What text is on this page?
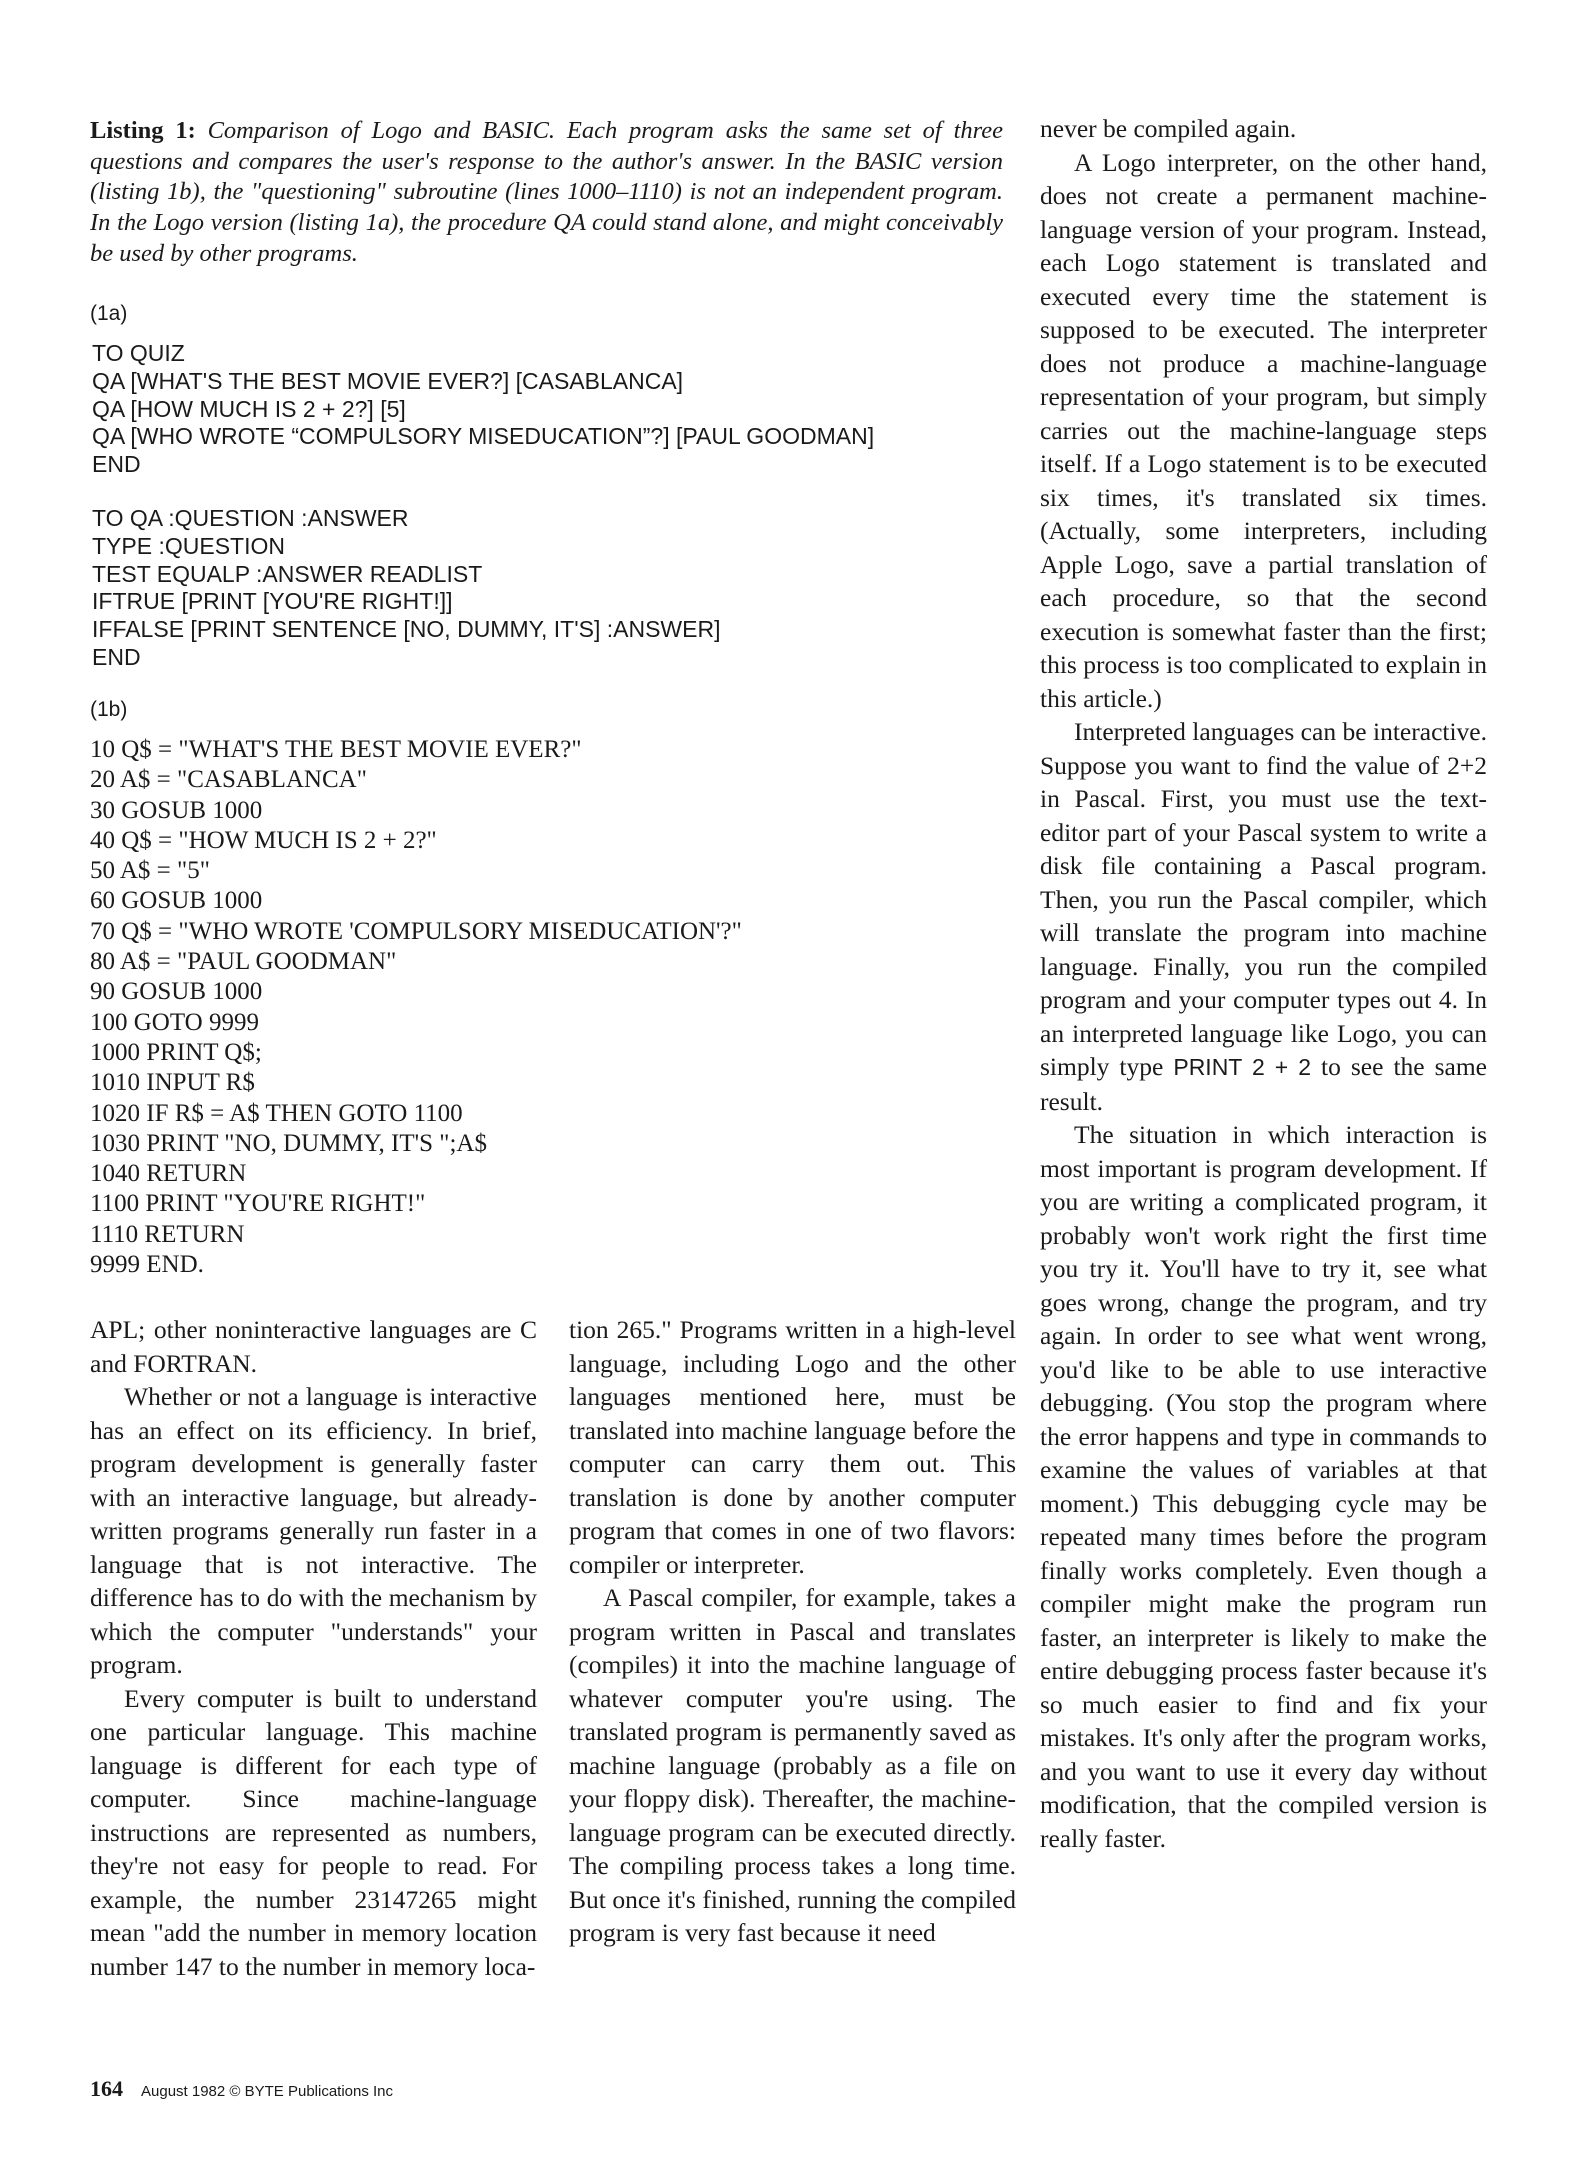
Listing 1: Comparison of Logo and BASIC. Each program asks the same set of three questions and compares the user's response to the author's answer. In the BASIC version (listing 1b), the "questioning" subroutine (lines 1000–1110) is not an independent program. In the Logo version (listing 1a), the procedure QA could stand alone, and might conceivably be used by other programs.
(1a)
TO QUIZ
QA [WHAT'S THE BEST MOVIE EVER?] [CASABLANCA]
QA [HOW MUCH IS 2 + 2?] [5]
QA [WHO WROTE “COMPULSORY MISEDUCATION”?] [PAUL GOODMAN]
END
TO QA :QUESTION :ANSWER
TYPE :QUESTION
TEST EQUALP :ANSWER READLIST
IFTRUE [PRINT [YOU'RE RIGHT!]]
IFFALSE [PRINT SENTENCE [NO, DUMMY, IT'S] :ANSWER]
END
(1b)
10 Q$ = "WHAT'S THE BEST MOVIE EVER?"
20 A$ = "CASABLANCA"
30 GOSUB 1000
40 Q$ = "HOW MUCH IS 2 + 2?"
50 A$ = "5"
60 GOSUB 1000
70 Q$ = "WHO WROTE 'COMPULSORY MISEDUCATION'?"
80 A$ = "PAUL GOODMAN"
90 GOSUB 1000
100 GOTO 9999
1000 PRINT Q$;
1010 INPUT R$
1020 IF R$ = A$ THEN GOTO 1100
1030 PRINT "NO, DUMMY, IT'S ";A$
1040 RETURN
1100 PRINT "YOU'RE RIGHT!"
1110 RETURN
9999 END.

APL; other noninteractive languages are C and FORTRAN.

Whether or not a language is interactive has an effect on its efficiency. In brief, program development is generally faster with an interactive language, but already-written programs generally run faster in a language that is not interactive. The difference has to do with the mechanism by which the computer "understands" your program.

Every computer is built to understand one particular language. This machine language is different for each type of computer. Since machine-language instructions are represented as numbers, they're not easy for people to read. For example, the number 23147265 might mean "add the number in memory location number 147 to the number in memory loca-

tion 265." Programs written in a high-level language, including Logo and the other languages mentioned here, must be translated into machine language before the computer can carry them out. This translation is done by another computer program that comes in one of two flavors: compiler or interpreter.

A Pascal compiler, for example, takes a program written in Pascal and translates (compiles) it into the machine language of whatever computer you're using. The translated program is permanently saved as machine language (probably as a file on your floppy disk). Thereafter, the machine-language program can be executed directly. The compiling process takes a long time. But once it's finished, running the compiled program is very fast because it need

never be compiled again.

A Logo interpreter, on the other hand, does not create a permanent machine-language version of your program. Instead, each Logo statement is translated and executed every time the statement is supposed to be executed. The interpreter does not produce a machine-language representation of your program, but simply carries out the machine-language steps itself. If a Logo statement is to be executed six times, it's translated six times. (Actually, some interpreters, including Apple Logo, save a partial translation of each procedure, so that the second execution is somewhat faster than the first; this process is too complicated to explain in this article.)

Interpreted languages can be interactive. Suppose you want to find the value of 2+2 in Pascal. First, you must use the text-editor part of your Pascal system to write a disk file containing a Pascal program. Then, you run the Pascal compiler, which will translate the program into machine language. Finally, you run the compiled program and your computer types out 4. In an interpreted language like Logo, you can simply type PRINT 2 + 2 to see the same result.

The situation in which interaction is most important is program development. If you are writing a complicated program, it probably won't work right the first time you try it. You'll have to try it, see what goes wrong, change the program, and try again. In order to see what went wrong, you'd like to be able to use interactive debugging. (You stop the program where the error happens and type in commands to examine the values of variables at that moment.) This debugging cycle may be repeated many times before the program finally works completely. Even though a compiler might make the program run faster, an interpreter is likely to make the entire debugging process faster because it's so much easier to find and fix your mistakes. It's only after the program works, and you want to use it every day without modification, that the compiled version is really faster.

164 August 1982 © BYTE Publications Inc
